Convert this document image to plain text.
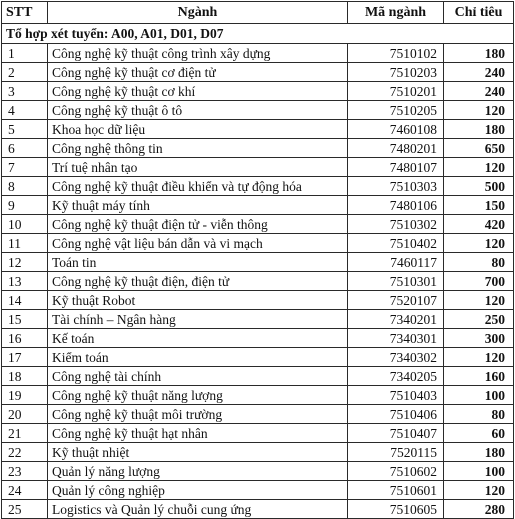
STT	Ngành	Mã ngành	Chỉ tiêu
Tổ hợp xét tuyển: A00, A01, D01, D07			
1	Công nghệ kỹ thuật công trình xây dựng	7510102	180
2	Công nghệ kỹ thuật cơ điện tử	7510203	240
3	Công nghệ kỹ thuật cơ khí	7510201	240
4	Công nghệ kỹ thuật ô tô	7510205	120
5	Khoa học dữ liệu	7460108	180
6	Công nghệ thông tin	7480201	650
7	Trí tuệ nhân tạo	7480107	120
8	Công nghệ kỹ thuật điều khiển và tự động hóa	7510303	500
9	Kỹ thuật máy tính	7480106	150
10	Công nghệ kỹ thuật điện tử - viễn thông	7510302	420
11	Công nghệ vật liệu bán dẫn và vi mạch	7510402	120
12	Toán tin	7460117	80
13	Công nghệ kỹ thuật điện, điện tử	7510301	700
14	Kỹ thuật Robot	7520107	120
15	Tài chính – Ngân hàng	7340201	250
16	Kế toán	7340301	300
17	Kiểm toán	7340302	120
18	Công nghệ tài chính	7340205	160
19	Công nghệ kỹ thuật năng lượng	7510403	100
20	Công nghệ kỹ thuật môi trường	7510406	80
21	Công nghệ kỹ thuật hạt nhân	7510407	60
22	Kỹ thuật nhiệt	7520115	180
23	Quản lý năng lượng	7510602	100
24	Quản lý công nghiệp	7510601	120
25	Logistics và Quản lý chuỗi cung ứng	7510605	280
